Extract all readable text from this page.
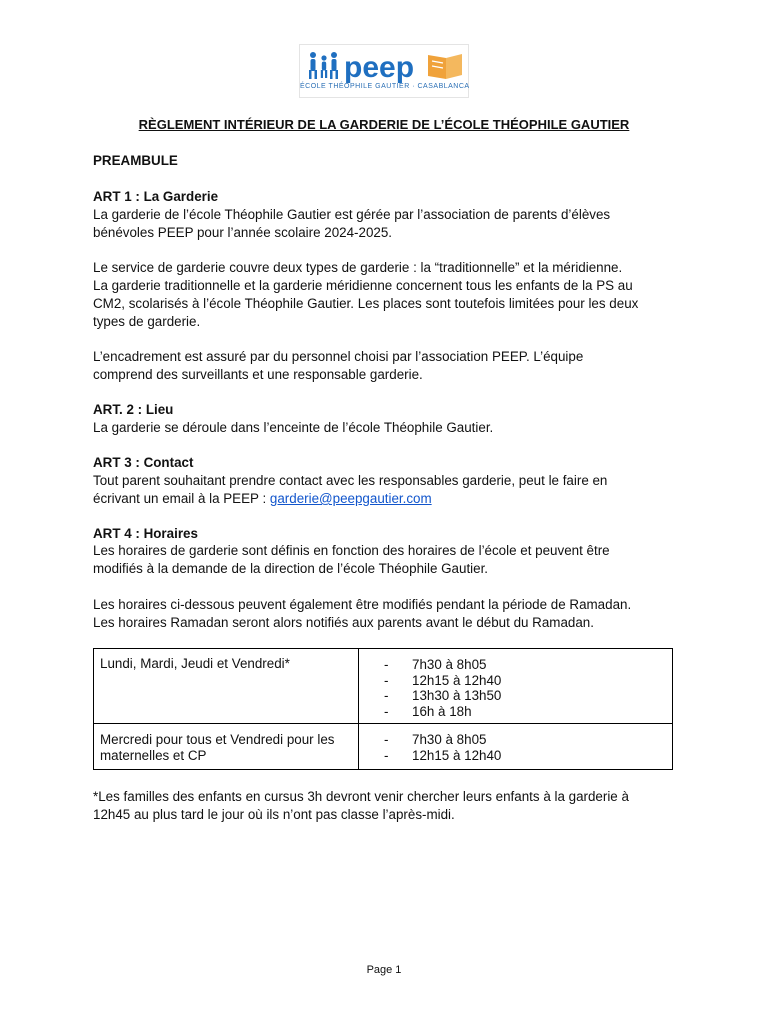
peep
ÉCOLE THÉOPHILE GAUTIER · CASABLANCA
RÈGLEMENT INTÉRIEUR DE LA GARDERIE DE L’ÉCOLE THÉOPHILE GAUTIER
PREAMBULE
ART 1 : La Garderie
La garderie de l’école Théophile Gautier est gérée par l’association de parents d’élèves
bénévoles PEEP pour l’année scolaire 2024-2025.
Le service de garderie couvre deux types de garderie : la “traditionnelle” et la méridienne.
La garderie traditionnelle et la garderie méridienne concernent tous les enfants de la PS au
CM2, scolarisés à l’école Théophile Gautier. Les places sont toutefois limitées pour les deux
types de garderie.
L’encadrement est assuré par du personnel choisi par l’association PEEP. L’équipe
comprend des surveillants et une responsable garderie.
ART. 2 : Lieu
La garderie se déroule dans l’enceinte de l’école Théophile Gautier.
ART 3 : Contact
Tout parent souhaitant prendre contact avec les responsables garderie, peut le faire en
écrivant un email à la PEEP : garderie@peepgautier.com
ART 4 : Horaires
Les horaires de garderie sont définis en fonction des horaires de l’école et peuvent être
modifiés à la demande de la direction de l’école Théophile Gautier.
Les horaires ci-dessous peuvent également être modifiés pendant la période de Ramadan.
Les horaires Ramadan seront alors notifiés aux parents avant le début du Ramadan.
Lundi, Mardi, Jeudi et Vendredi*	- 7h30 à 8h05
- 12h15 à 12h40
- 13h30 à 13h50
- 16h à 18h
Mercredi pour tous et Vendredi pour les maternelles et CP
- 7h30 à 8h05
- 12h15 à 12h40
*Les familles des enfants en cursus 3h devront venir chercher leurs enfants à la garderie à
12h45 au plus tard le jour où ils n’ont pas classe l’après-midi.
Page 1
